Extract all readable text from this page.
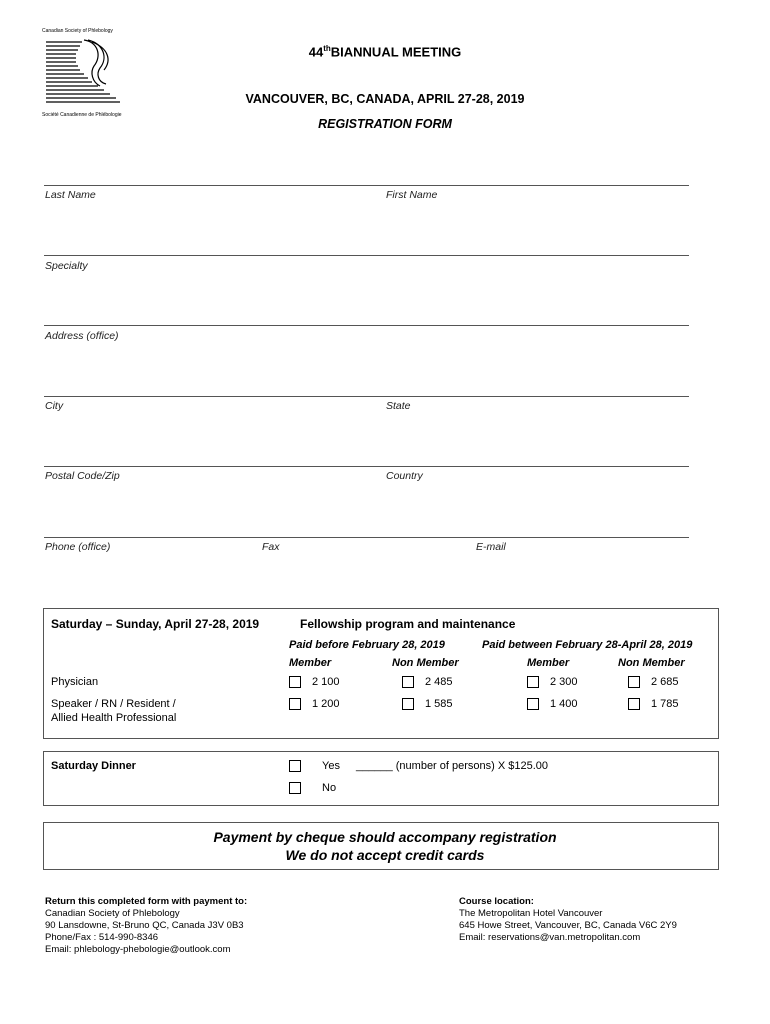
Canadian Society of Phlebology
Société Canadienne de Phlébologie
44thBIANNUAL MEETING
VANCOUVER, BC, CANADA, APRIL 27-28, 2019
REGISTRATION FORM
Last Name	First Name
Specialty
Address (office)
City	State
Postal Code/Zip	Country
Phone (office)	Fax	E-mail
Saturday – Sunday, April 27-28, 2019	Fellowship program and maintenance
Paid before February 28, 2019	Paid between February 28-April 28, 2019
Member	Non Member	Member	Non Member
Physician	2 100	2 485	2 300	2 685
Speaker / RN / Resident /
Allied Health Professional
1 200	1 585	1 400	1 785
Saturday Dinner	Yes ______ (number of persons) X $125.00
No
Payment by cheque should accompany registration
We do not accept credit cards
Return this completed form with payment to:
Canadian Society of Phlebology
90 Lansdowne, St-Bruno QC, Canada J3V 0B3
Phone/Fax : 514-990-8346
Email: phlebology-phebologie@outlook.com
Course location:
The Metropolitan Hotel Vancouver
645 Howe Street, Vancouver, BC, Canada V6C 2Y9
Email: reservations@van.metropolitan.com
